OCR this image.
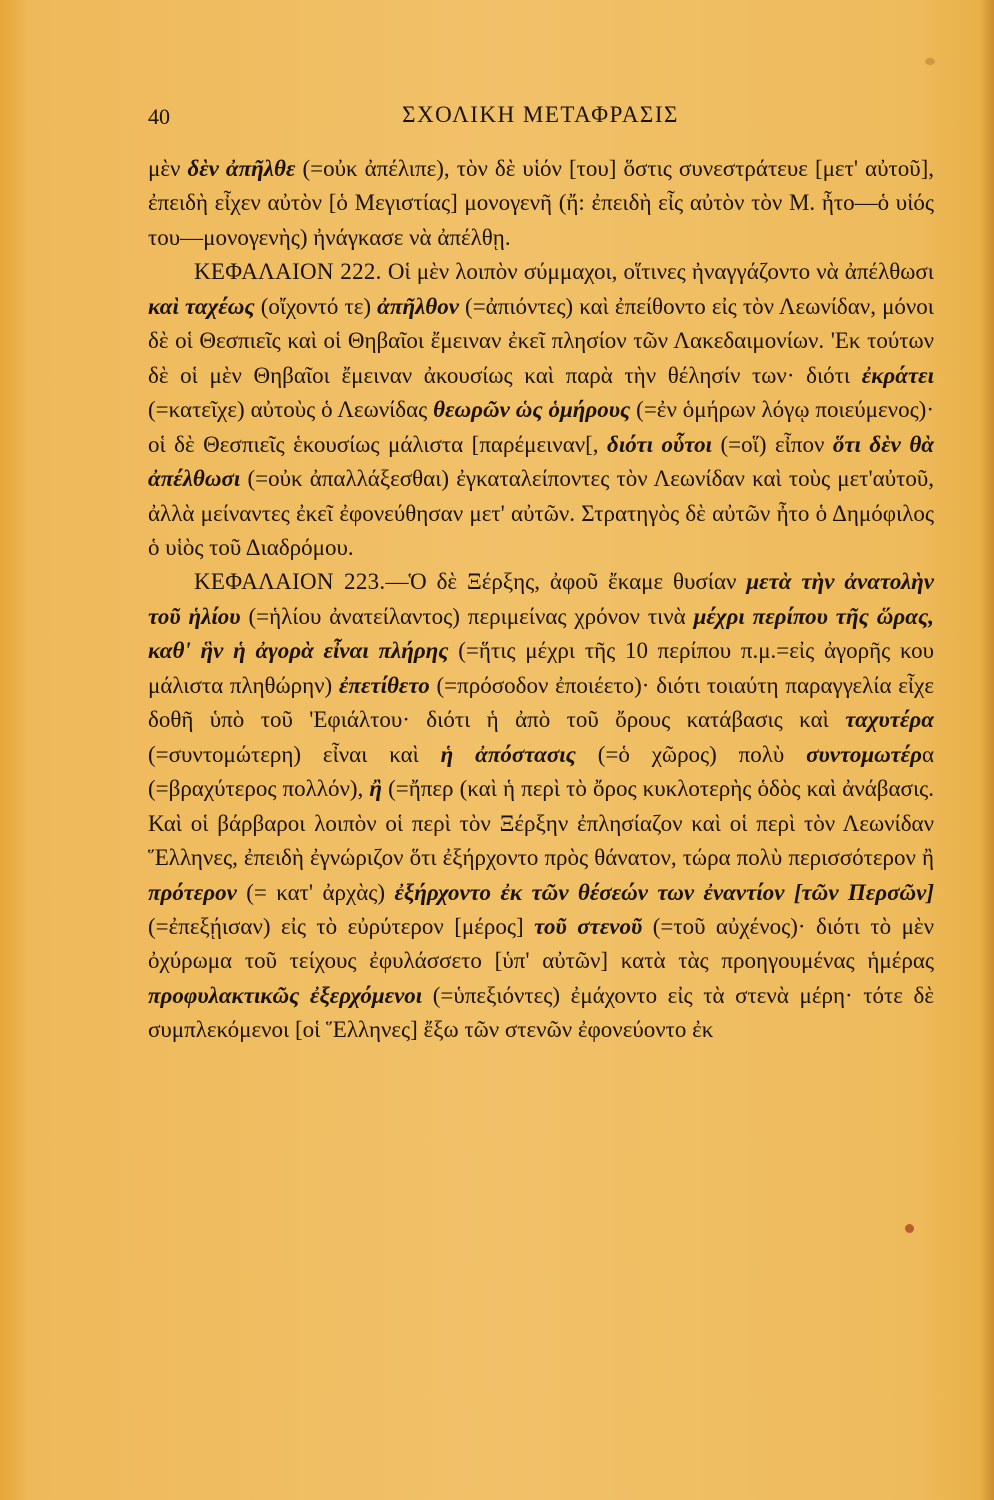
40	ΣΧΟΛΙΚΗ ΜΕΤΑΦΡΑΣΙΣ

μὲν δὲν ἀπῆλθε (=οὐκ ἀπέλιπε), τὸν δὲ υἱόν [του] ὅστις συνεστράτευε [μετ' αὐτοῦ], ἐπειδὴ εἶχεν αὐτὸν [ὁ Μεγιστίας] μονογενῆ (ἤ: ἐπειδὴ εἶς αὐτὸν τὸν Μ. ἦτο—ὁ υἱός του—μονογενὴς) ἠνάγκασε νὰ ἀπέλθῃ.

ΚΕΦΑΛΑΙΟΝ 222. Οἱ μὲν λοιπὸν σύμμαχοι, οἵτινες ἠναγγάζοντο νὰ ἀπέλθωσι καὶ ταχέως (οἴχοντό τε) ἀπῆλθον (=ἀπιόντες) καὶ ἐπείθοντο εἰς τὸν Λεωνίδαν, μόνοι δὲ οἱ Θεσπιεῖς καὶ οἱ Θηβαῖοι ἔμειναν ἐκεῖ πλησίον τῶν Λακεδαιμονίων. 'Εκ τούτων δὲ οἱ μὲν Θηβαῖοι ἔμειναν ἀκουσίως καὶ παρὰ τὴν θέλησίν των· διότι ἐκράτει (=κατεῖχε) αὐτοὺς ὁ Λεωνίδας θεωρῶν ὡς ὁμήρους (=ἐν ὁμήρων λόγῳ ποιεύμενος)· οἱ δὲ Θεσπιεῖς ἑκουσίως μάλιστα [παρέμειναν[, διότι οὗτοι (=οἵ) εἶπον ὅτι δὲν θὰ ἀπέλθωσι (=οὐκ ἀπαλλάξεσθαι) ἐγκαταλείποντες τὸν Λεωνίδαν καὶ τοὺς μετ'αὐτοῦ, ἀλλὰ μείναντες ἐκεῖ ἐφονεύθησαν μετ' αὐτῶν. Στρατηγὸς δὲ αὐτῶν ἦτο ὁ Δημόφιλος ὁ υἱὸς τοῦ Διαδρόμου.

ΚΕΦΑΛΑΙΟΝ 223.—Ὁ δὲ Ξέρξης, ἀφοῦ ἔκαμε θυσίαν μετὰ τὴν ἀνατολὴν τοῦ ἡλίου (=ἡλίου ἀνατείλαντος) περιμείνας χρόνον τινὰ μέχρι περίπου τῆς ὥρας, καθ' ἣν ἡ ἀγορὰ εἶναι πλήρης (=ἥτις μέχρι τῆς 10 περίπου π.μ.=εἰς ἀγορῆς κου μάλιστα πληθώρην) ἐπετίθετο (=πρόσοδον ἐποιέετο)· διότι τοιαύτη παραγγελία εἶχε δοθῆ ὑπὸ τοῦ 'Εφιάλτου· διότι ἡ ἀπὸ τοῦ ὄρους κατάβασις καὶ ταχυτέρα (=συντομώτερη) εἶναι καὶ ἡ ἀπόστασις (=ὁ χῶρος) πολὺ συντομωτέρα (=βραχύτερος πολλόν), ἢ (=ἤπερ (καὶ ἡ περὶ τὸ ὄρος κυκλοτερὴς ὁδὸς καὶ ἀνάβασις. Καὶ οἱ βάρβαροι λοιπὸν οἱ περὶ τὸν Ξέρξην ἐπλησίαζον καὶ οἱ περὶ τὸν Λεωνίδαν Ἕλληνες, ἐπειδὴ ἐγνώριζον ὅτι ἐξήρχοντο πρὸς θάνατον, τώρα πολὺ περισσότερον ἢ πρότερον (= κατ' ἀρχὰς) ἐξήρχοντο ἐκ τῶν θέσεών των ἐναντίον [τῶν Περσῶν] (=ἐπεξῄισαν) εἰς τὸ εὐρύτερον [μέρος] τοῦ στενοῦ (=τοῦ αὐχένος)· διότι τὸ μὲν ὀχύρωμα τοῦ τείχους ἐφυλάσσετο [ὑπ' αὐτῶν] κατὰ τὰς προηγουμένας ἡμέρας προφυλακτικῶς ἐξερχόμενοι (=ὑπεξιόντες) ἐμάχοντο εἰς τὰ στενὰ μέρη· τότε δὲ συμπλεκόμενοι [οἱ Ἕλληνες] ἔξω τῶν στενῶν ἐφονεύοντο ἐκ
